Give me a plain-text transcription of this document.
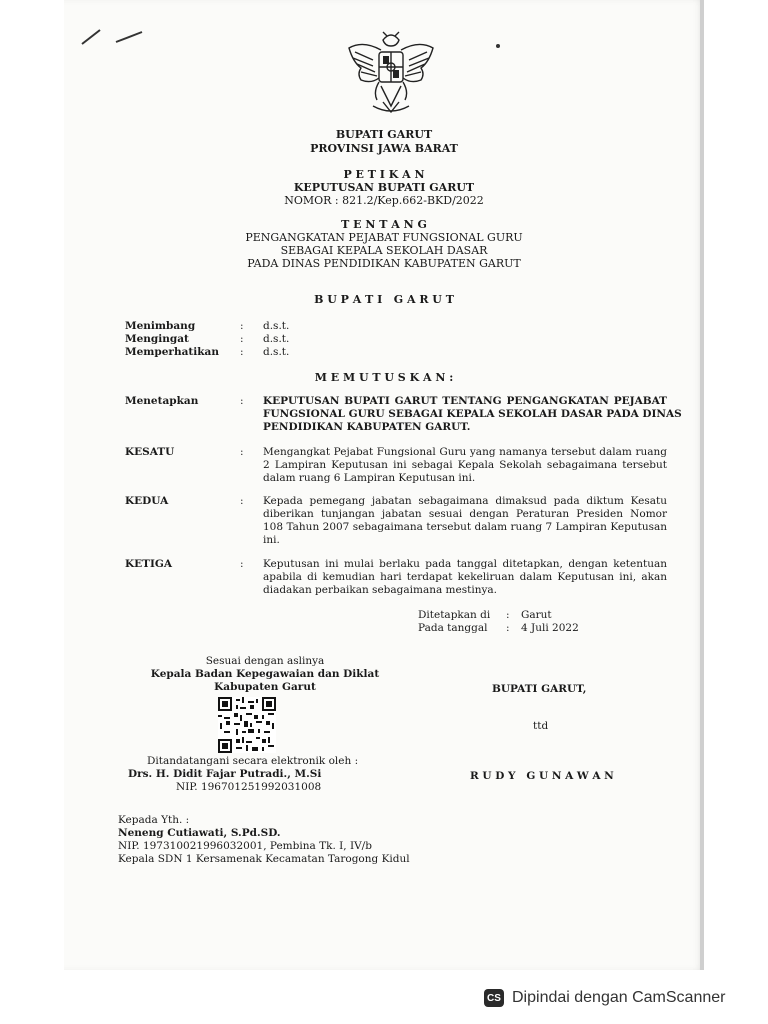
BUPATI GARUT
PROVINSI JAWA BARAT
P E T I K A N
KEPUTUSAN BUPATI GARUT
NOMOR : 821.2/Kep.662-BKD/2022
T E N T A N G
PENGANGKATAN PEJABAT FUNGSIONAL GURU
SEBAGAI KEPALA SEKOLAH DASAR
PADA DINAS PENDIDIKAN KABUPATEN GARUT
B U P A T I   G A R U T
Menimbang	: d.s.t.
Mengingat	: d.s.t.
Memperhatikan : d.s.t.
M E M U T U S K A N :
Menetapkan	: KEPUTUSAN BUPATI GARUT TENTANG PENGANGKATAN PEJABAT
FUNGSIONAL GURU SEBAGAI KEPALA SEKOLAH DASAR PADA DINAS
PENDIDIKAN KABUPATEN GARUT.
KESATU	: Mengangkat Pejabat Fungsional Guru yang namanya tersebut dalam ruang
2 Lampiran Keputusan ini sebagai Kepala Sekolah sebagaimana tersebut
dalam ruang 6 Lampiran Keputusan ini.
KEDUA	: Kepada pemegang jabatan sebagaimana dimaksud pada diktum Kesatu
diberikan tunjangan jabatan sesuai dengan Peraturan Presiden Nomor
108 Tahun 2007 sebagaimana tersebut dalam ruang 7 Lampiran Keputusan
ini.
KETIGA	: Keputusan ini mulai berlaku pada tanggal ditetapkan, dengan ketentuan
apabila di kemudian hari terdapat kekeliruan dalam Keputusan ini, akan
diadakan perbaikan sebagaimana mestinya.
Ditetapkan di : Garut
Pada tanggal : 4 Juli 2022
Sesuai dengan aslinya
Kepala Badan Kepegawaian dan Diklat
Kabupaten Garut
Ditandatangani secara elektronik oleh :
Drs. H. Didit Fajar Putradi., M.Si
NIP. 196701251992031008
BUPATI GARUT,
ttd
R U D Y   G U N A W A N
Kepada Yth. :
Neneng Cutiawati, S.Pd.SD.
NIP. 197310021996032001, Pembina Tk. I, IV/b
Kepala SDN 1 Kersamenak Kecamatan Tarogong Kidul
CS Dipindai dengan CamScanner
